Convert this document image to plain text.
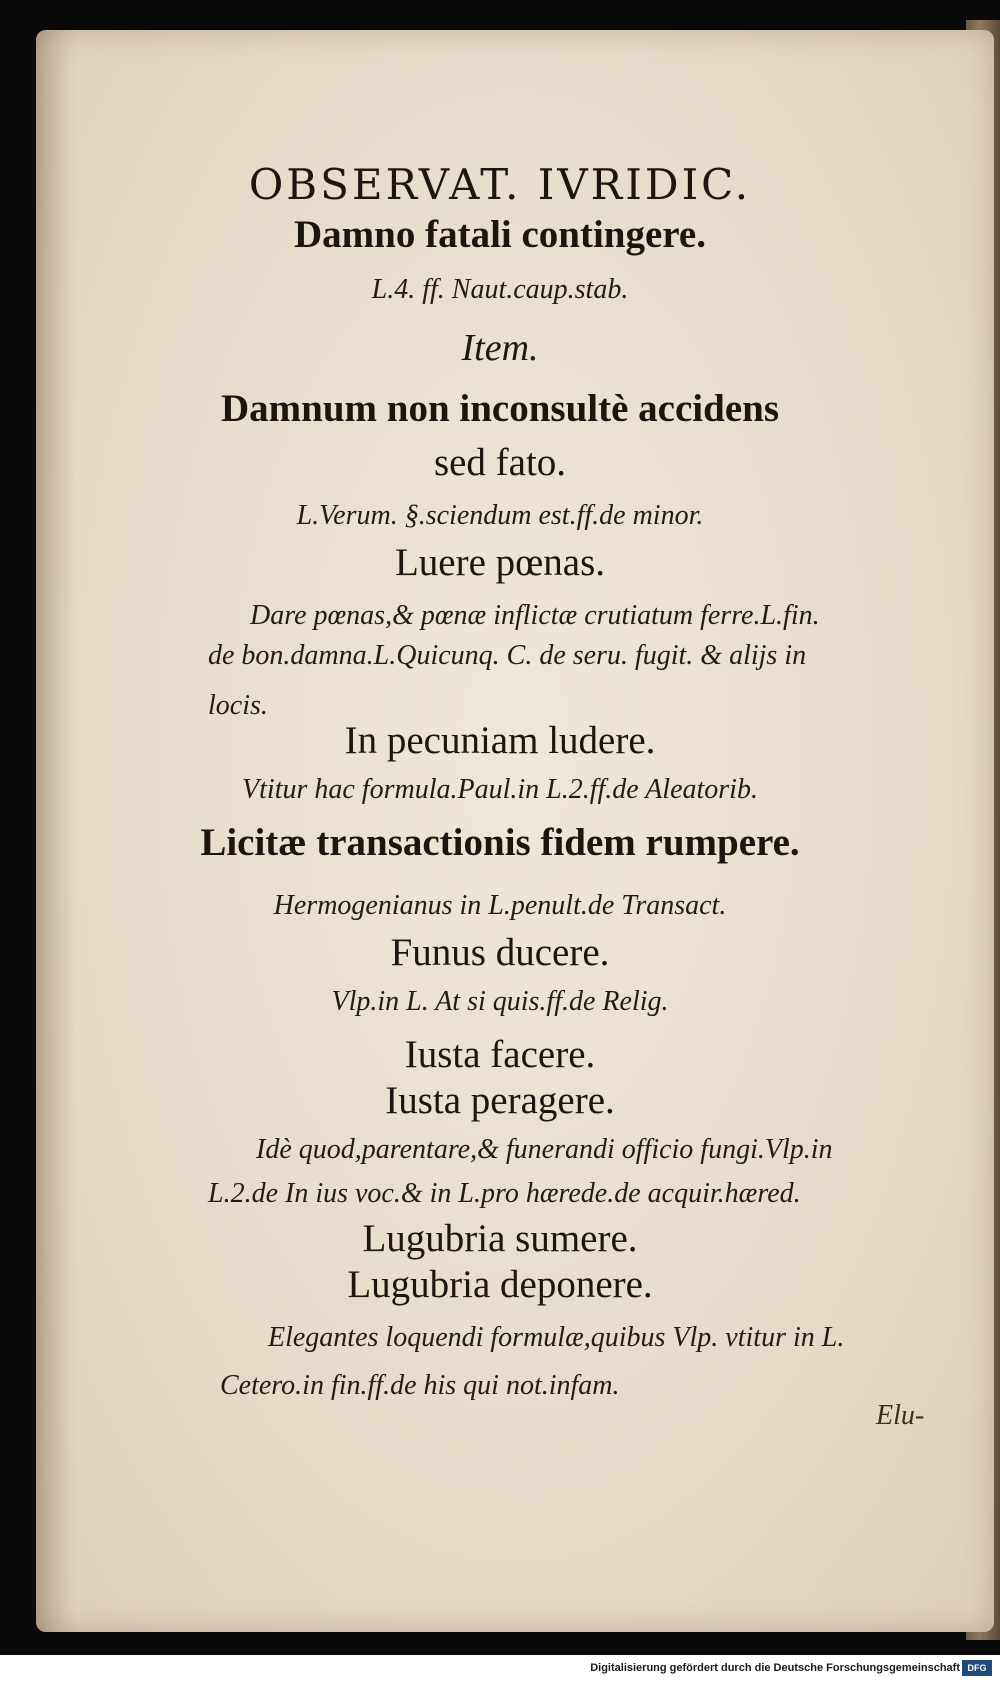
OBSERVAT. IVRIDIC.
Damno fatali contingere.
L.4. ff. Naut.caup.stab.
Item.
Damnum non inconsultè accidens
sed fato.
L.Verum. §.sciendum est.ff.de minor.
Luere pœnas.
Dare pœnas,& pœnæ inflictæ crutiatum ferre.L.fin.
de bon.damna.L.Quicunq. C. de seru. fugit. & alijs in
locis.
In pecuniam ludere.
Vtitur hac formula.Paul.in L.2.ff.de Aleatorib.
Licitæ transactionis fidem rumpere.
Hermogenianus in L.penult.de Transact.
Funus ducere.
Vlp.in L. At si quis.ff.de Relig.
Iusta facere.
Iusta peragere.
Idè quod,parentare,& funerandi officio fungi.Vlp.in
L.2.de In ius voc.& in L.pro hærede.de acquir.hæred.
Lugubria sumere.
Lugubria deponere.
Elegantes loquendi formulæ,quibus Vlp. vtitur in L.
Cetero.in fin.ff.de his qui not.infam.
Elu-
Digitalisierung gefördert durch die Deutsche Forschungsgemeinschaft DFG
